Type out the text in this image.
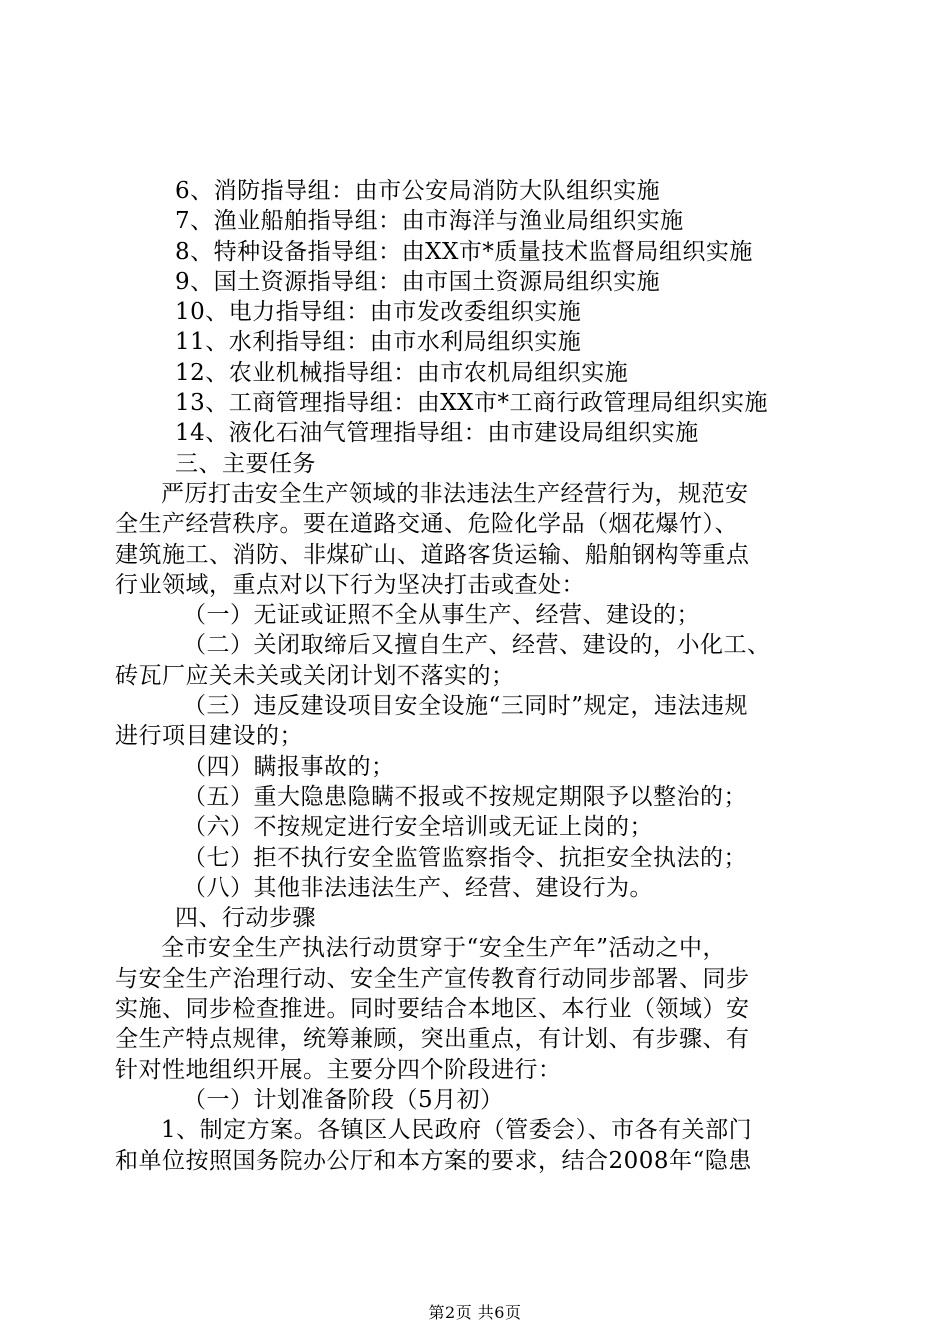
6、消防指导组：由市公安局消防大队组织实施
7、渔业船舶指导组：由市海洋与渔业局组织实施
8、特种设备指导组：由XX市*质量技术监督局组织实施
9、国土资源指导组：由市国土资源局组织实施
10、电力指导组：由市发改委组织实施
11、水利指导组：由市水利局组织实施
12、农业机械指导组：由市农机局组织实施
13、工商管理指导组：由XX市*工商行政管理局组织实施
14、液化石油气管理指导组：由市建设局组织实施
三、主要任务
严厉打击安全生产领域的非法违法生产经营行为，规范安
全生产经营秩序。要在道路交通、危险化学品（烟花爆竹）、
建筑施工、消防、非煤矿山、道路客货运输、船舶钢构等重点
行业领域，重点对以下行为坚决打击或查处：
（一）无证或证照不全从事生产、经营、建设的；
（二）关闭取缔后又擅自生产、经营、建设的，小化工、
砖瓦厂应关未关或关闭计划不落实的；
（三）违反建设项目安全设施“三同时”规定，违法违规
进行项目建设的；
（四）瞒报事故的；
（五）重大隐患隐瞒不报或不按规定期限予以整治的；
（六）不按规定进行安全培训或无证上岗的；
（七）拒不执行安全监管监察指令、抗拒安全执法的；
（八）其他非法违法生产、经营、建设行为。
四、行动步骤
全市安全生产执法行动贯穿于“安全生产年”活动之中，
与安全生产治理行动、安全生产宣传教育行动同步部署、同步
实施、同步检查推进。同时要结合本地区、本行业（领域）安
全生产特点规律，统筹兼顾，突出重点，有计划、有步骤、有
针对性地组织开展。主要分四个阶段进行：
（一）计划准备阶段（5月初）
1、制定方案。各镇区人民政府（管委会）、市各有关部门
和单位按照国务院办公厅和本方案的要求，结合2008年“隐患
第2页 共6页
